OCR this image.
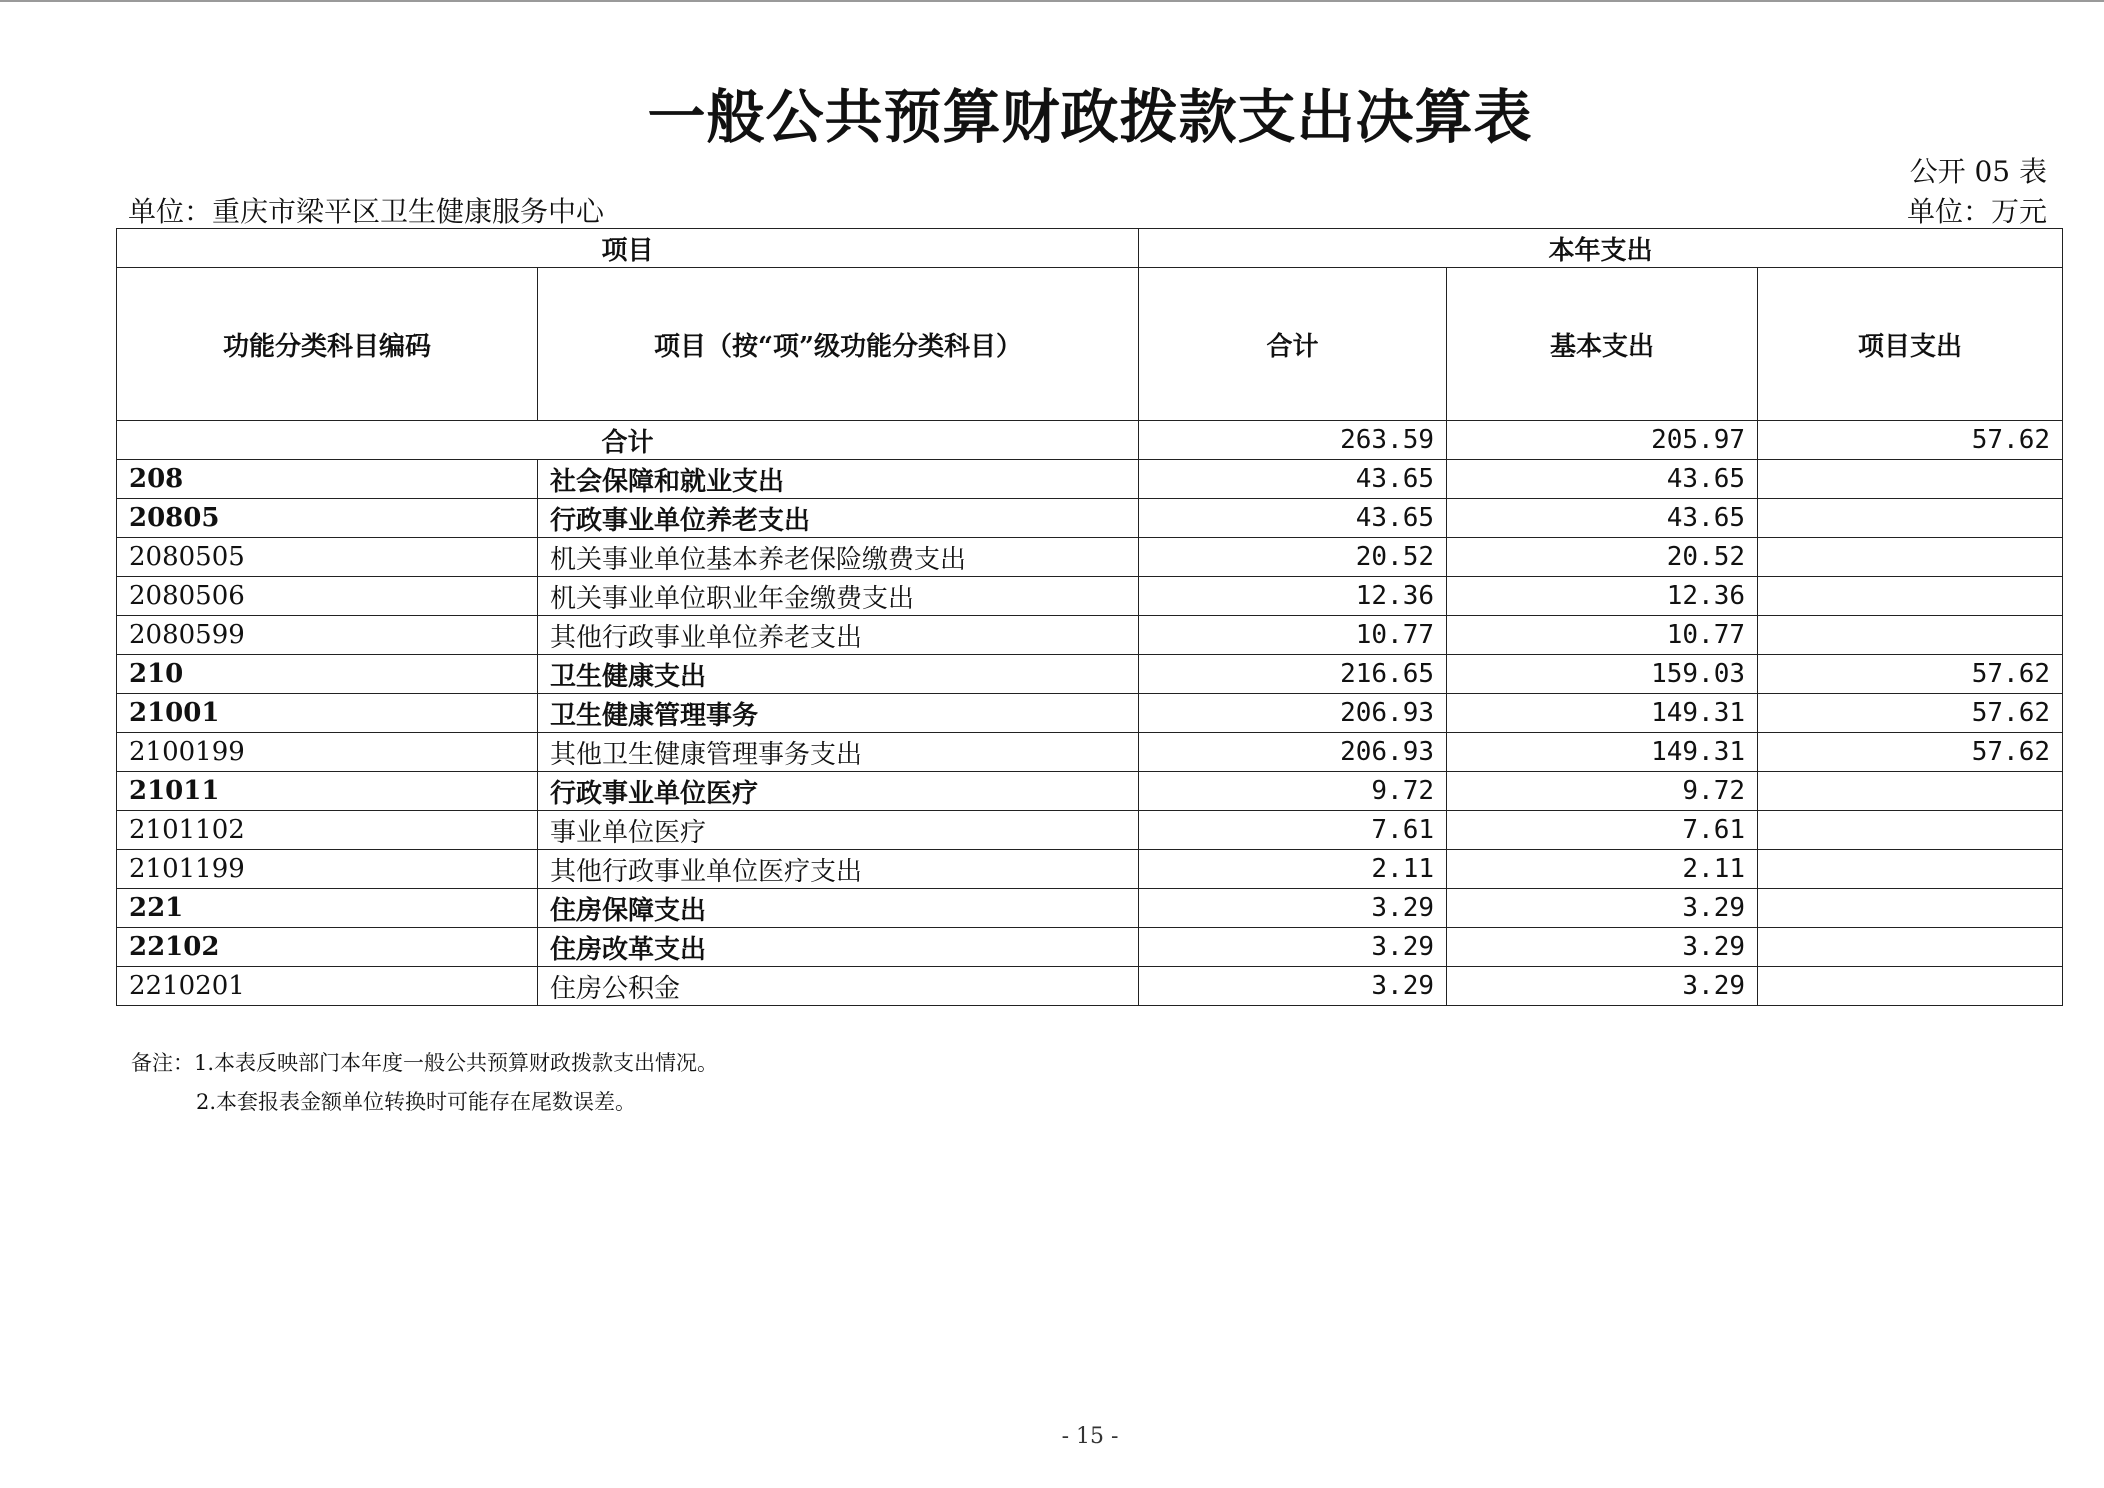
一般公共预算财政拨款支出决算表
公开 05 表
单位：重庆市梁平区卫生健康服务中心	单位：万元
项目		本年支出		
功能分类科目编码	项目（按“项”级功能分类科目）	合计	基本支出	项目支出
合计		263.59	205.97	57.62
208	社会保障和就业支出	43.65	43.65	
20805	行政事业单位养老支出	43.65	43.65	
2080505	机关事业单位基本养老保险缴费支出	20.52	20.52	
2080506	机关事业单位职业年金缴费支出	12.36	12.36	
2080599	其他行政事业单位养老支出	10.77	10.77	
210	卫生健康支出	216.65	159.03	57.62
21001	卫生健康管理事务	206.93	149.31	57.62
2100199	其他卫生健康管理事务支出	206.93	149.31	57.62
21011	行政事业单位医疗	9.72	9.72	
2101102	事业单位医疗	7.61	7.61	
2101199	其他行政事业单位医疗支出	2.11	2.11	
221	住房保障支出	3.29	3.29	
22102	住房改革支出	3.29	3.29	
2210201	住房公积金	3.29	3.29	
备注：1.本表反映部门本年度一般公共预算财政拨款支出情况。
2.本套报表金额单位转换时可能存在尾数误差。
- 15 -
